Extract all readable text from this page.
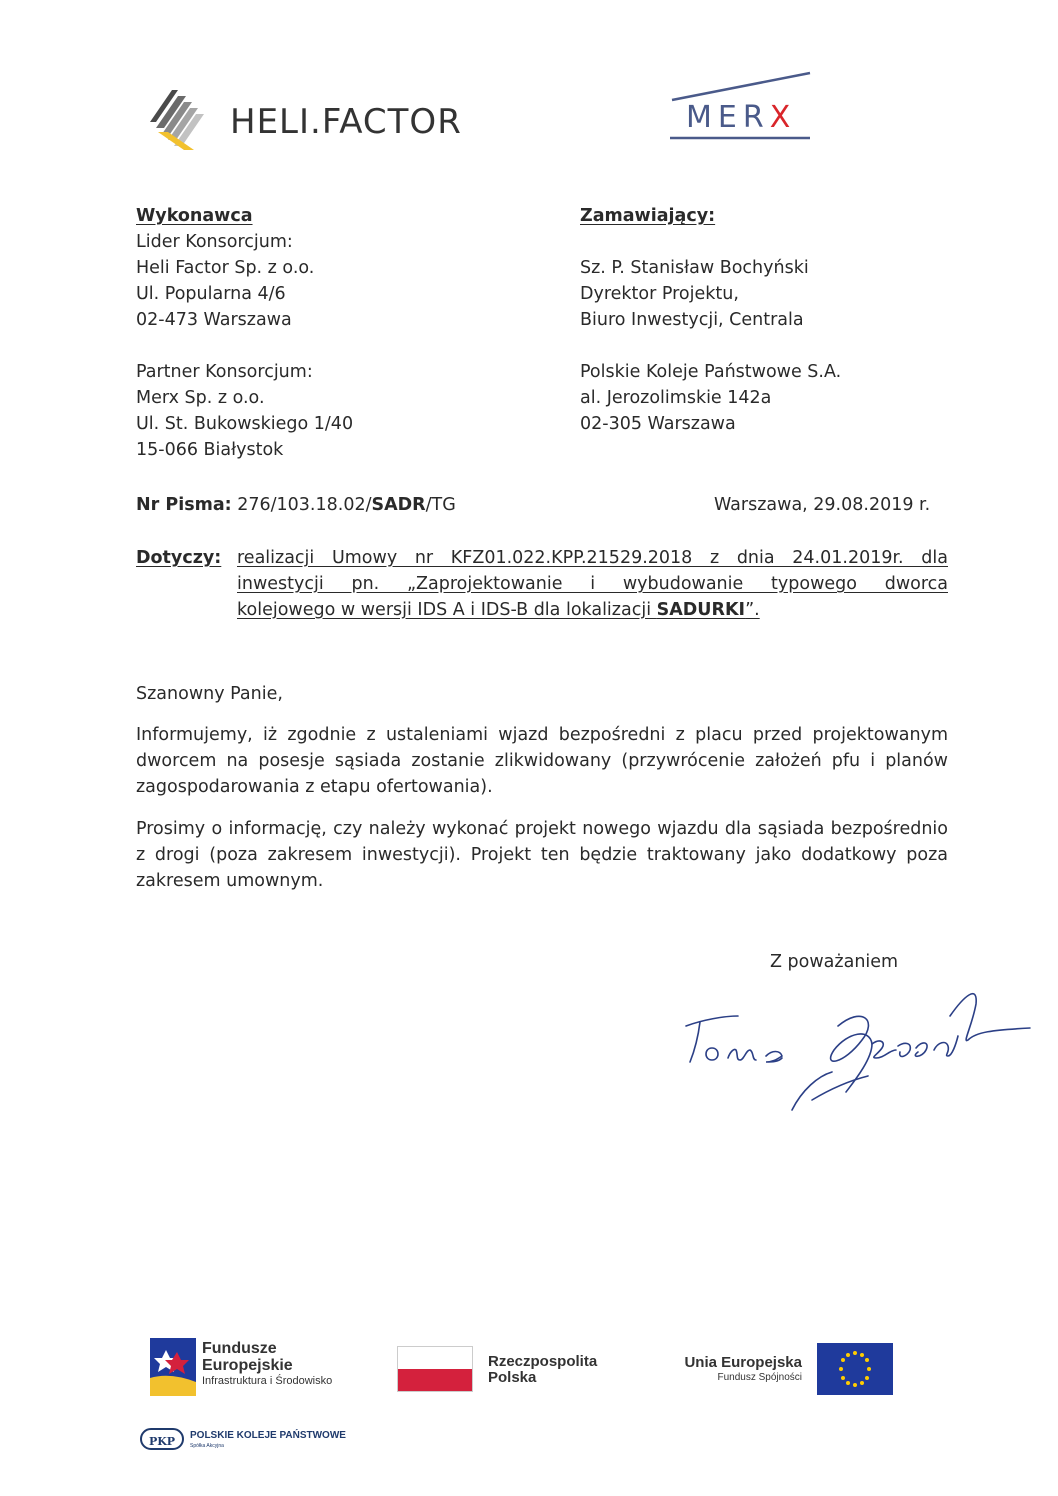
HELI.FACTOR	MERX
Wykonawca
Lider Konsorcjum:
Heli Factor Sp. z o.o.
Ul. Popularna 4/6
02-473 Warszawa
Partner Konsorcjum:
Merx Sp. z o.o.
Ul. St. Bukowskiego 1/40
15-066 Białystok
Zamawiający:
Sz. P. Stanisław Bochyński
Dyrektor Projektu,
Biuro Inwestycji, Centrala
Polskie Koleje Państwowe S.A.
al. Jerozolimskie 142a
02-305 Warszawa
Nr Pisma: 276/103.18.02/SADR/TG	Warszawa, 29.08.2019 r.
Dotyczy: realizacji Umowy nr KFZ01.022.KPP.21529.2018 z dnia 24.01.2019r. dla
inwestycji pn. „Zaprojektowanie i wybudowanie typowego dworca
kolejowego w wersji IDS A i IDS-B dla lokalizacji SADURKI”.
Szanowny Panie,
Informujemy, iż zgodnie z ustaleniami wjazd bezpośredni z placu przed projektowanym dworcem na posesje sąsiada zostanie zlikwidowany (przywrócenie założeń pfu i planów zagospodarowania z etapu ofertowania).
Prosimy o informację, czy należy wykonać projekt nowego wjazdu dla sąsiada bezpośrednio z drogi (poza zakresem inwestycji). Projekt ten będzie traktowany jako dodatkowy poza zakresem umownym.
Z poważaniem
Fundusze
Europejskie
Infrastruktura i Środowisko
Rzeczpospolita
Polska
Unia Europejska
Fundusz Spójności
PKP	POLSKIE KOLEJE PAŃSTWOWE
Spółka Akcyjna
